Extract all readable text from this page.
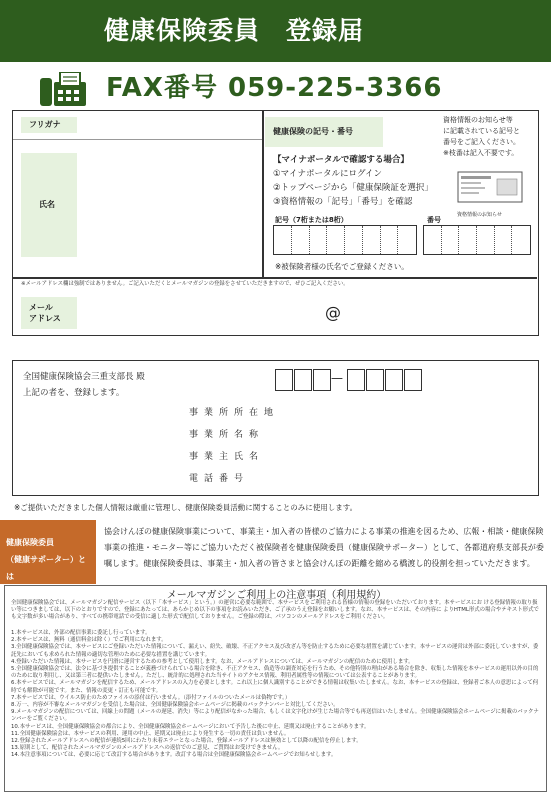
健康保険委員　登録届
FAX番号 059-225-3366
フリガナ
氏名
健康保険の記号・番号
資格情報のお知らせ等
に記載されている記号と
番号をご記入ください。
※枝番は記入不要です。
資格情報のお知らせ
【マイナポータルで確認する場合】
①マイナポータルにログイン
②トップページから「健康保険証を選択」
③資格情報の「記号」「番号」を確認
記号（7桁または8桁）	番号
※被保険者様の氏名でご登録ください。
※メールアドレス欄は強制ではありません。ご記入いただくとメールマガジンの登録をさせていただきますので、ぜひご記入ください。
メール
アドレス	@
全国健康保険協会三重支部長 殿
上記の者を、登録します。
—
事業所所在地
事業所名称
事業主氏名
電話番号
※ご提供いただきました個人情報は厳重に管理し、健康保険委員活動に関することのみに使用します。
健康保険委員
（健康サポーター）とは
協会けんぽの健康保険事業について、事業主・加入者の皆様のご協力による事業の推進を図るため、広報・相談・健康保険事業の推進・モニター等にご協力いただく被保険者を健康保険委員（健康保険サポーター）として、各都道府県支部長が委嘱します。健康保険委員は、事業主・加入者の皆さまと協会けんぽの距離を縮める橋渡し的役割を担っていただきます。
メールマガジンご利用上の注意事項（利用規約）
全国健康保険協会では、メールマガジン配信サービス（以下「本サービス」という。）の運営に必要な範囲で、本サービスをご利用される皆様の情報の登録をいただいております。本サービスにお ける登録情報の取り扱い等につきましては、以下のとおりですので、登録にあたっては、あらかじめ以下の事項をお読みいただき、ご了承のうえ登録をお願いします。なお、本サービスは、その内容に よりHTML形式の場合やテキスト形式でも文字数が多い場合があり、すべての携帯電話での受信に適した形式で配信しておりません。ご登録の際は、パソコンのメールアドレスをご利用ください。
1.本サービスは、外部の配信事業に委託し行っています。
2.本サービスは、無料（通信料金は除く）でご利用になれます。
3.全国健康保険協会では、本サービスにご登録いただいた情報について、漏えい、紛失、破壊、不正アクセス及び改ざん等を防止するために必要な措置を講じています。本サービスの運営は外部に委託していますが、委託先においても求められた情報の適切な管理のために必要な措置を講じています。
4.登録いただいた情報は、本サービスを円滑に運営するための参考として使用します。なお、メールアドレスについては、メールマガジンの配信のために使用します。
5.全国健康保険協会では、法令に基づき提供することが義務づけられている場合を除き、不正アクセス、偽造等の調査対応を行うため、その他特別の理由がある場合を除き、収集した情報を本サービスの運用以外の目的のために取り利用し、又は第三者に提供いたしません。ただし、統計的に処理された当サイトのアクセス情報、利用者属性等の情報については公表することがあります。
6.本サービスでは、メールマガジンを配信するため、メールアドレスの入力を必要とします。これ以上に個人識別することができる情報は収集いたしません。なお、本サービスの登録は、登録者ご本人の意思によって何時でも解除が可能です。また、情報の変更・訂正も可能です。
7.本サービスでは、ウイルス防止のためファイルの添付は行いません。（添付ファイルのついたメールは偽物です。）
8.万一、内容が不審なメールマガジンを受信した場合は、全国健康保険協会ホームページに掲載のバックナンバーと対比してください。
9.メールマガジンの配信については、回線上の問題（メールの遅延、消失）等により配信がなかった場合、もしくは文字化けが生じた場合等でも再送信はいたしません。全国健康保険協会ホームページに掲載のバックナンバーをご覧ください。
10.本サービスは、全国健康保険協会の都合により、全国健康保険協会ホームページにおいて予告した後に中止、延期又は廃止することがあります。
11.全国健康保険協会は、本サービスの利用、運用の中止、延期又は廃止により発生する一切の責任は負いません。
12.登録されたメールアドレスへの配信が連続5回にわたり未着エラーとなった場合、登録メールアドレスは無効として以降の配信を停止します。
13.原則として、配信されたメールマガジンのメールアドレスへの返信でのご意見、ご質問はお受けできません。
14.本注意事項については、必要に応じて改訂する場合があります。改訂する場合は全国健康保険協会ホームページでお知らせします。
